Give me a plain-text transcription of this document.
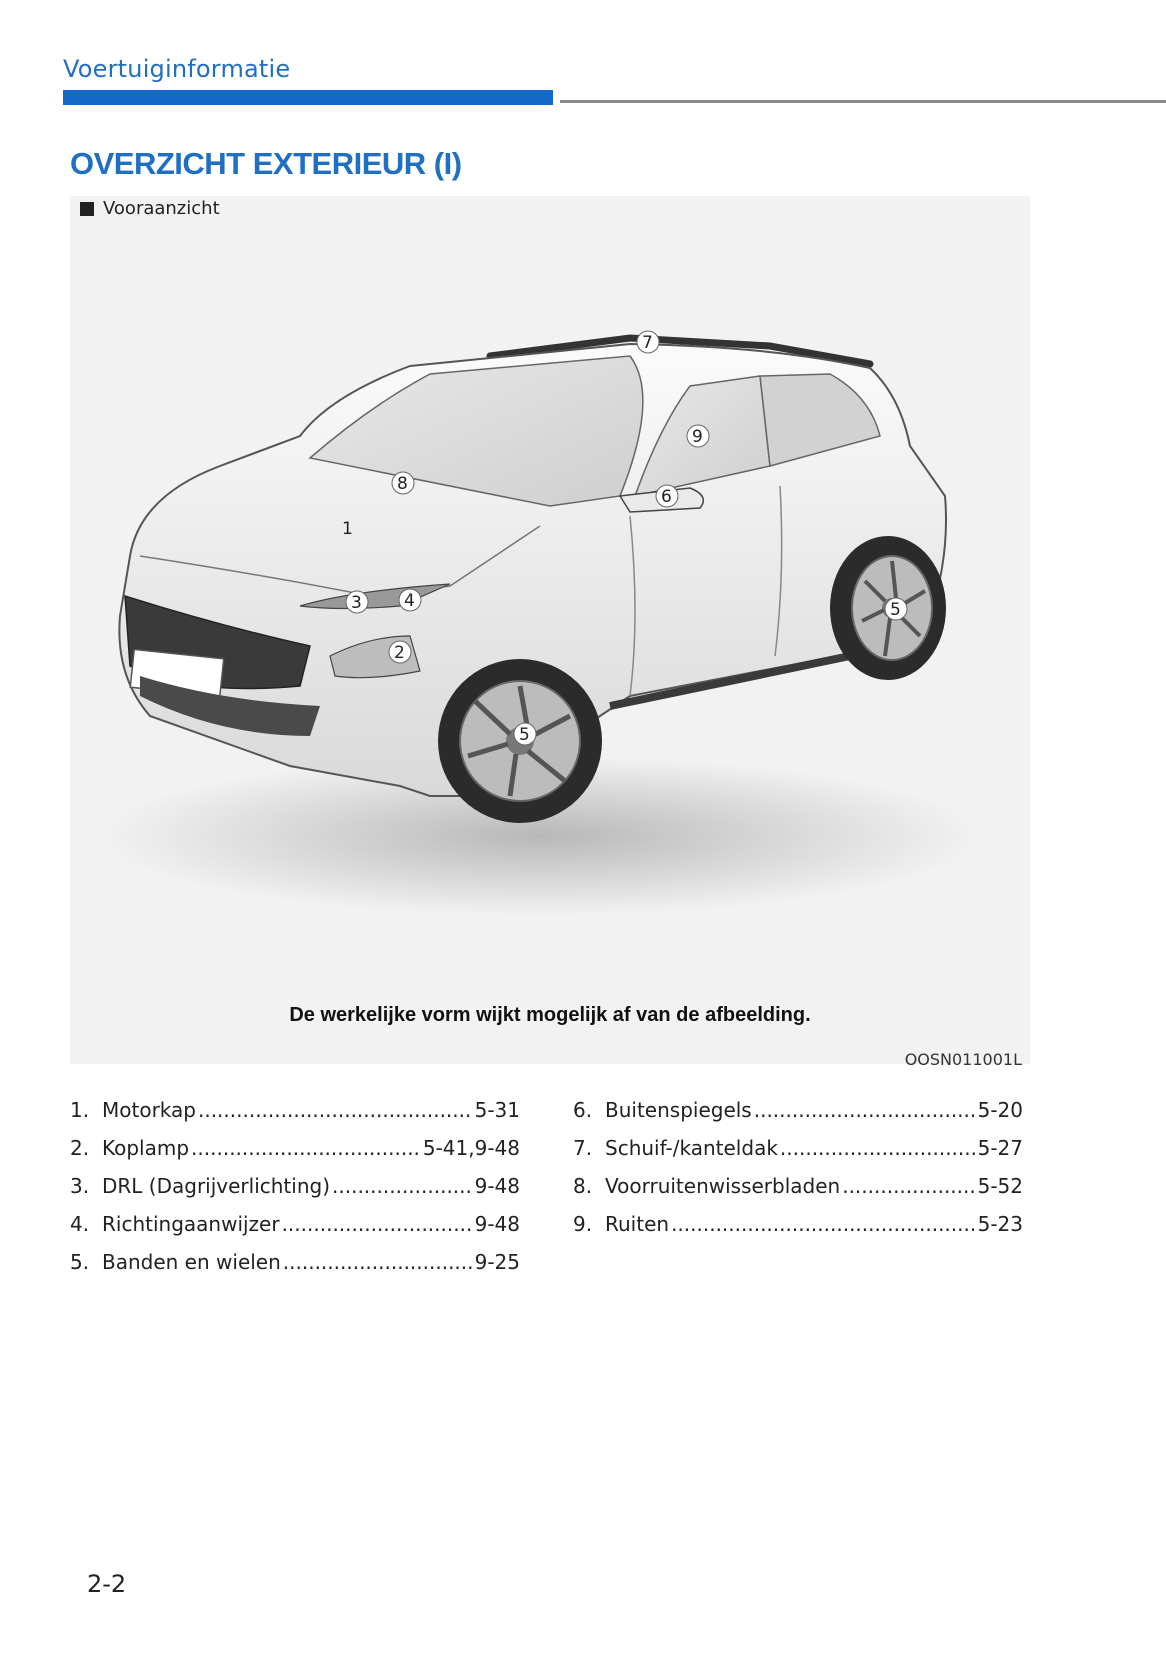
Voertuiginformatie
OVERZICHT EXTERIEUR (I)
1
2
3 4
5
5
6
7
8
9
Vooraanzicht
De werkelijke vorm wijkt mogelijk af van de afbeelding.
OOSN011001L
1. Motorkap .....	5-31
2. Koplamp .....	5-41,9-48
3. DRL (Dagrijverlichting) .....	9-48
4. Richtingaanwijzer .....	9-48
5. Banden en wielen .....	9-25
6. Buitenspiegels .....	5-20
7. Schuif-/kanteldak .....	5-27
8. Voorruitenwisserbladen .....	5-52
9. Ruiten .....	5-23
2-2
